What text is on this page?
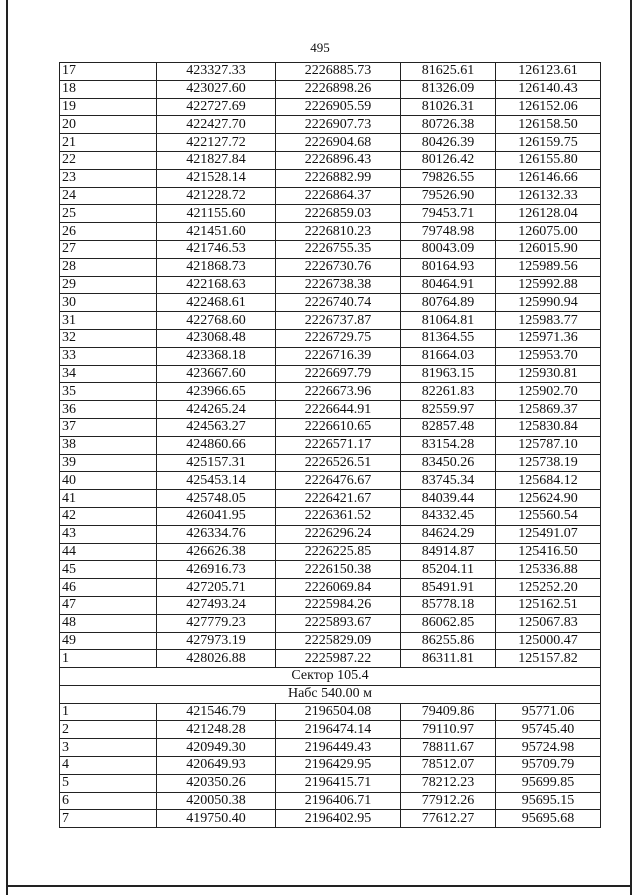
495
17	423327.33	2226885.73	81625.61	126123.61
18	423027.60	2226898.26	81326.09	126140.43
19	422727.69	2226905.59	81026.31	126152.06
20	422427.70	2226907.73	80726.38	126158.50
21	422127.72	2226904.68	80426.39	126159.75
22	421827.84	2226896.43	80126.42	126155.80
23	421528.14	2226882.99	79826.55	126146.66
24	421228.72	2226864.37	79526.90	126132.33
25	421155.60	2226859.03	79453.71	126128.04
26	421451.60	2226810.23	79748.98	126075.00
27	421746.53	2226755.35	80043.09	126015.90
28	421868.73	2226730.76	80164.93	125989.56
29	422168.63	2226738.38	80464.91	125992.88
30	422468.61	2226740.74	80764.89	125990.94
31	422768.60	2226737.87	81064.81	125983.77
32	423068.48	2226729.75	81364.55	125971.36
33	423368.18	2226716.39	81664.03	125953.70
34	423667.60	2226697.79	81963.15	125930.81
35	423966.65	2226673.96	82261.83	125902.70
36	424265.24	2226644.91	82559.97	125869.37
37	424563.27	2226610.65	82857.48	125830.84
38	424860.66	2226571.17	83154.28	125787.10
39	425157.31	2226526.51	83450.26	125738.19
40	425453.14	2226476.67	83745.34	125684.12
41	425748.05	2226421.67	84039.44	125624.90
42	426041.95	2226361.52	84332.45	125560.54
43	426334.76	2226296.24	84624.29	125491.07
44	426626.38	2226225.85	84914.87	125416.50
45	426916.73	2226150.38	85204.11	125336.88
46	427205.71	2226069.84	85491.91	125252.20
47	427493.24	2225984.26	85778.18	125162.51
48	427779.23	2225893.67	86062.85	125067.83
49	427973.19	2225829.09	86255.86	125000.47
1	428026.88	2225987.22	86311.81	125157.82
Сектор 105.4				
Набс 540.00 м				
1	421546.79	2196504.08	79409.86	95771.06
2	421248.28	2196474.14	79110.97	95745.40
3	420949.30	2196449.43	78811.67	95724.98
4	420649.93	2196429.95	78512.07	95709.79
5	420350.26	2196415.71	78212.23	95699.85
6	420050.38	2196406.71	77912.26	95695.15
7	419750.40	2196402.95	77612.27	95695.68
